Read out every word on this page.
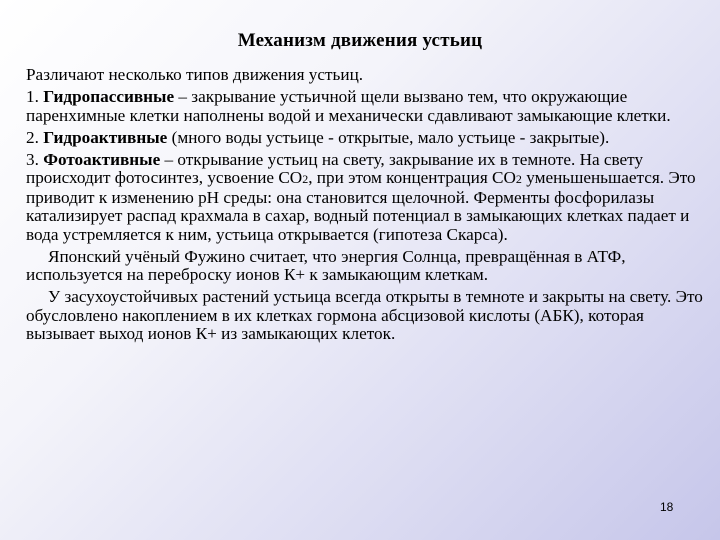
Механизм движения устьиц

Различают несколько типов движения устьиц.

1. Гидропассивные – закрывание устьичной щели вызвано тем, что окружающие паренхимные клетки наполнены водой и механически сдавливают замыкающие клетки.

2. Гидроактивные (много воды устьице - открытые, мало устьице - закрытые).

3. Фотоактивные – открывание устьиц на свету, закрывание их в темноте. На свету происходит фотосинтез, усвоение СО2, при этом концентрация СО2 уменьшеньшается. Это приводит к изменению рН среды: она становится щелочной. Ферменты фосфорилазы катализирует распад крахмала в сахар, водный потенциал в замыкающих клетках падает и вода устремляется к ним, устьица открывается (гипотеза Скарса).

Японский учёный Фужино считает, что энергия Солнца, превращённая в АТФ, используется на переброску ионов К+ к замыкающим клеткам.

У засухоустойчивых растений устьица всегда открыты в темноте и закрыты на свету. Это обусловлено накоплением в их клетках гормона абсцизовой кислоты (АБК), которая вызывает выход ионов К+ из замыкающих клеток.

18
